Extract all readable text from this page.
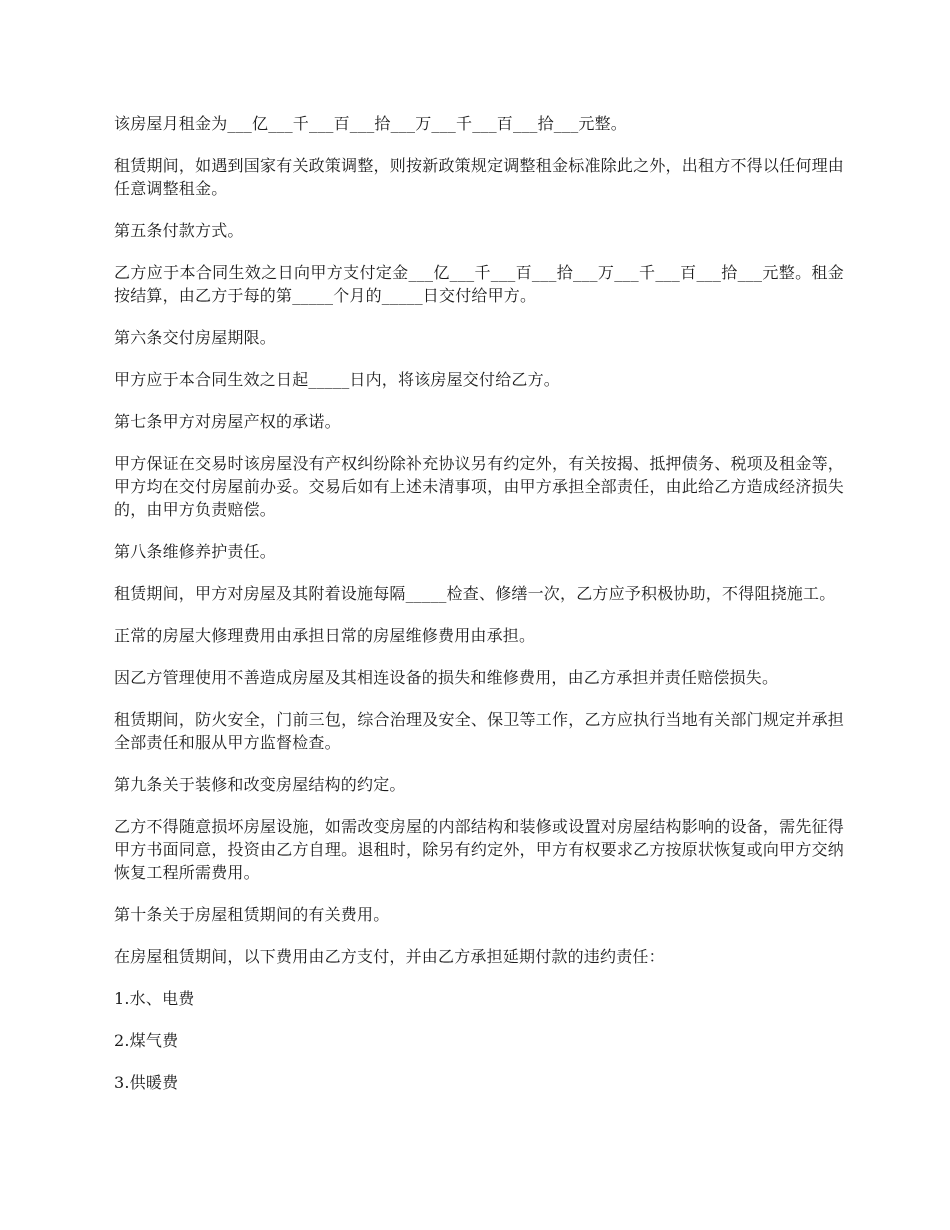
该房屋月租金为___亿___千___百___拾___万___千___百___拾___元整。

租赁期间，如遇到国家有关政策调整，则按新政策规定调整租金标准除此之外，出租方不得以任何理由任意调整租金。

第五条付款方式。

乙方应于本合同生效之日向甲方支付定金___亿___千___百___拾___万___千___百___拾___元整。租金按结算，由乙方于每的第_____个月的_____日交付给甲方。

第六条交付房屋期限。

甲方应于本合同生效之日起_____日内，将该房屋交付给乙方。

第七条甲方对房屋产权的承诺。

甲方保证在交易时该房屋没有产权纠纷除补充协议另有约定外，有关按揭、抵押债务、税项及租金等，甲方均在交付房屋前办妥。交易后如有上述未清事项，由甲方承担全部责任，由此给乙方造成经济损失的，由甲方负责赔偿。

第八条维修养护责任。

租赁期间，甲方对房屋及其附着设施每隔_____检查、修缮一次，乙方应予积极协助，不得阻挠施工。

正常的房屋大修理费用由承担日常的房屋维修费用由承担。

因乙方管理使用不善造成房屋及其相连设备的损失和维修费用，由乙方承担并责任赔偿损失。

租赁期间，防火安全，门前三包，综合治理及安全、保卫等工作，乙方应执行当地有关部门规定并承担全部责任和服从甲方监督检查。

第九条关于装修和改变房屋结构的约定。

乙方不得随意损坏房屋设施，如需改变房屋的内部结构和装修或设置对房屋结构影响的设备，需先征得甲方书面同意，投资由乙方自理。退租时，除另有约定外，甲方有权要求乙方按原状恢复或向甲方交纳恢复工程所需费用。

第十条关于房屋租赁期间的有关费用。

在房屋租赁期间，以下费用由乙方支付，并由乙方承担延期付款的违约责任：

1.水、电费

2.煤气费

3.供暖费
